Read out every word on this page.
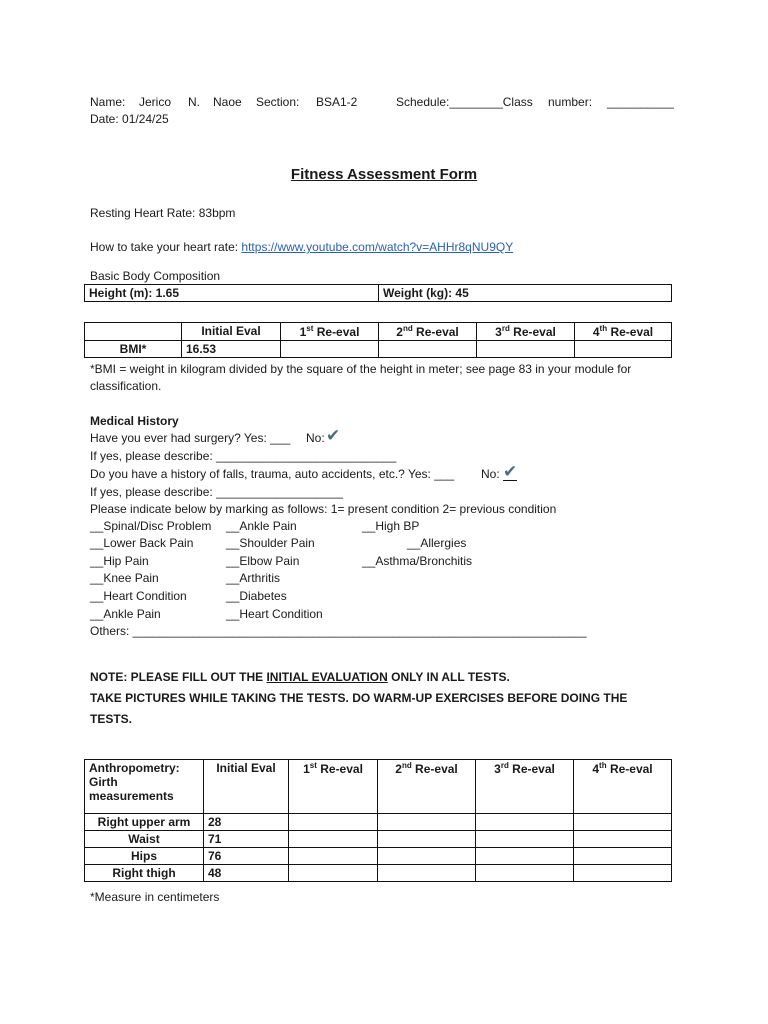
Name: Jerico N. Naoe Section: BSA1-2	Schedule:________Class number: __________
Date: 01/24/25
Fitness Assessment Form
Resting Heart Rate: 83bpm
How to take your heart rate: https://www.youtube.com/watch?v=AHHr8qNU9QY
Basic Body Composition
Height (m): 1.65	Weight (kg): 45
	Initial Eval	1st Re-eval	2nd Re-eval	3rd Re-eval	4th Re-eval
BMI*	16.53				
*BMI = weight in kilogram divided by the square of the height in meter; see page 83 in your module for
classification.
Medical History
Have you ever had surgery? Yes: ___ No: ✔
If yes, please describe: ___________________________
Do you have a history of falls, trauma, auto accidents, etc.? Yes: ___ No: ✔
If yes, please describe: ___________________
Please indicate below by marking as follows: 1= present condition 2= previous condition
__Spinal/Disc Problem
__Lower Back Pain
__Hip Pain
__Knee Pain
__Heart Condition
__Ankle Pain
__Ankle Pain
__Shoulder Pain
__Elbow Pain
__Arthritis
__Diabetes
__Heart Condition
__High BP
__Allergies
__Asthma/Bronchitis
Others: ____________________________________________________________________
NOTE: PLEASE FILL OUT THE INITIAL EVALUATION ONLY IN ALL TESTS.
TAKE PICTURES WHILE TAKING THE TESTS. DO WARM-UP EXERCISES BEFORE DOING THE
TESTS.
Anthropometry:
Girth
measurements	Initial Eval	1st Re-eval	2nd Re-eval	3rd Re-eval	4th Re-eval
Right upper arm	28				
Waist	71				
Hips	76				
Right thigh	48				
*Measure in centimeters
